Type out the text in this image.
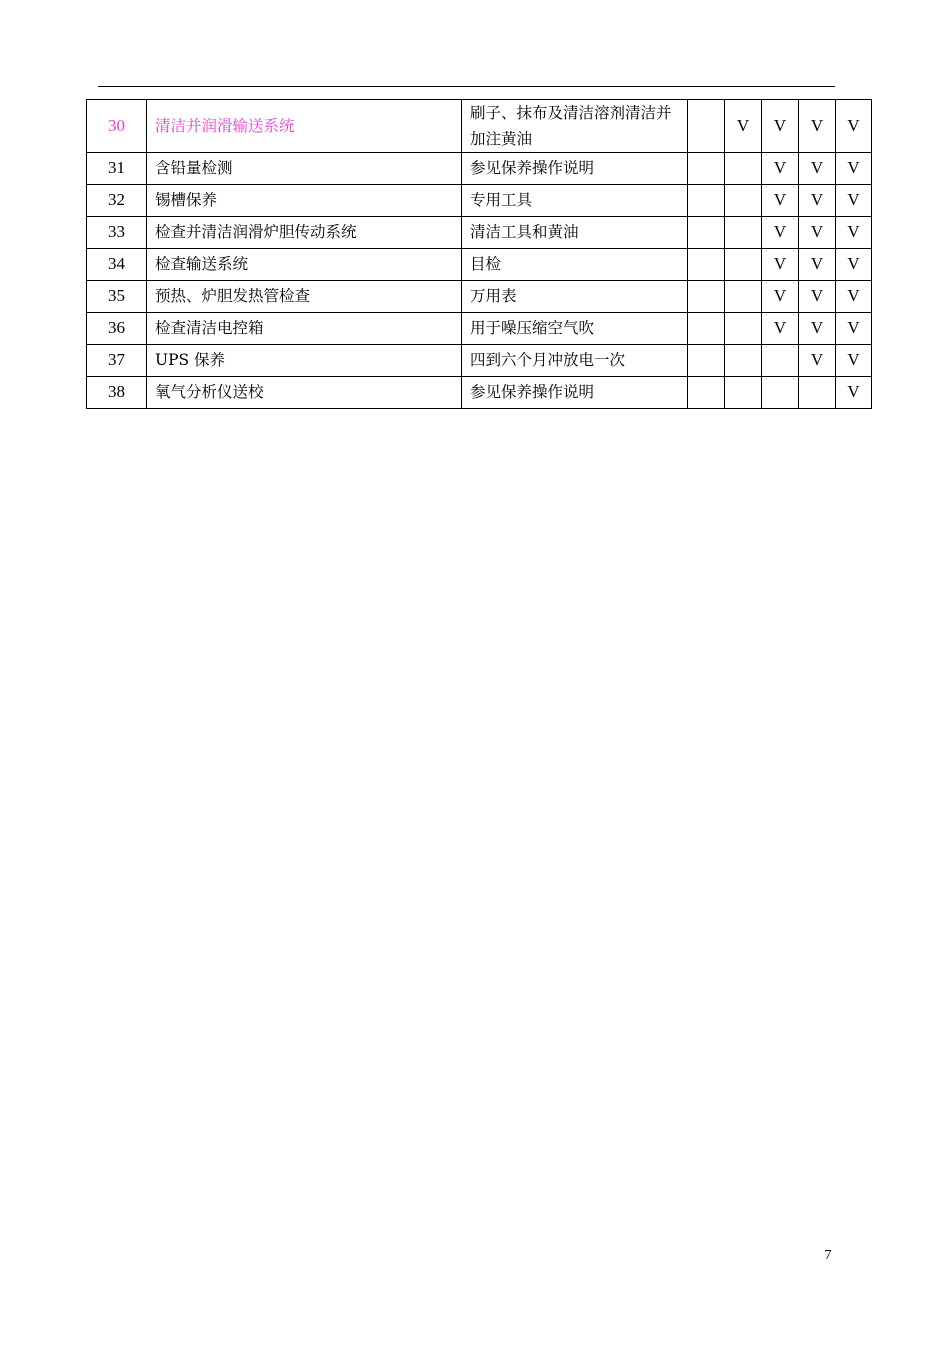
30	清洁并润滑输送系统	刷子、抹布及清洁溶剂清洁并加注黄油		V	V	V	V
31	含铅量检测	参见保养操作说明			V	V	V
32	锡槽保养	专用工具			V	V	V
33	检查并清洁润滑炉胆传动系统	清洁工具和黄油			V	V	V
34	检查输送系统	目检			V	V	V
35	预热、炉胆发热管检查	万用表			V	V	V
36	检查清洁电控箱	用于噪压缩空气吹			V	V	V
37	UPS 保养	四到六个月冲放电一次				V	V
38	氧气分析仪送校	参见保养操作说明					V
7
